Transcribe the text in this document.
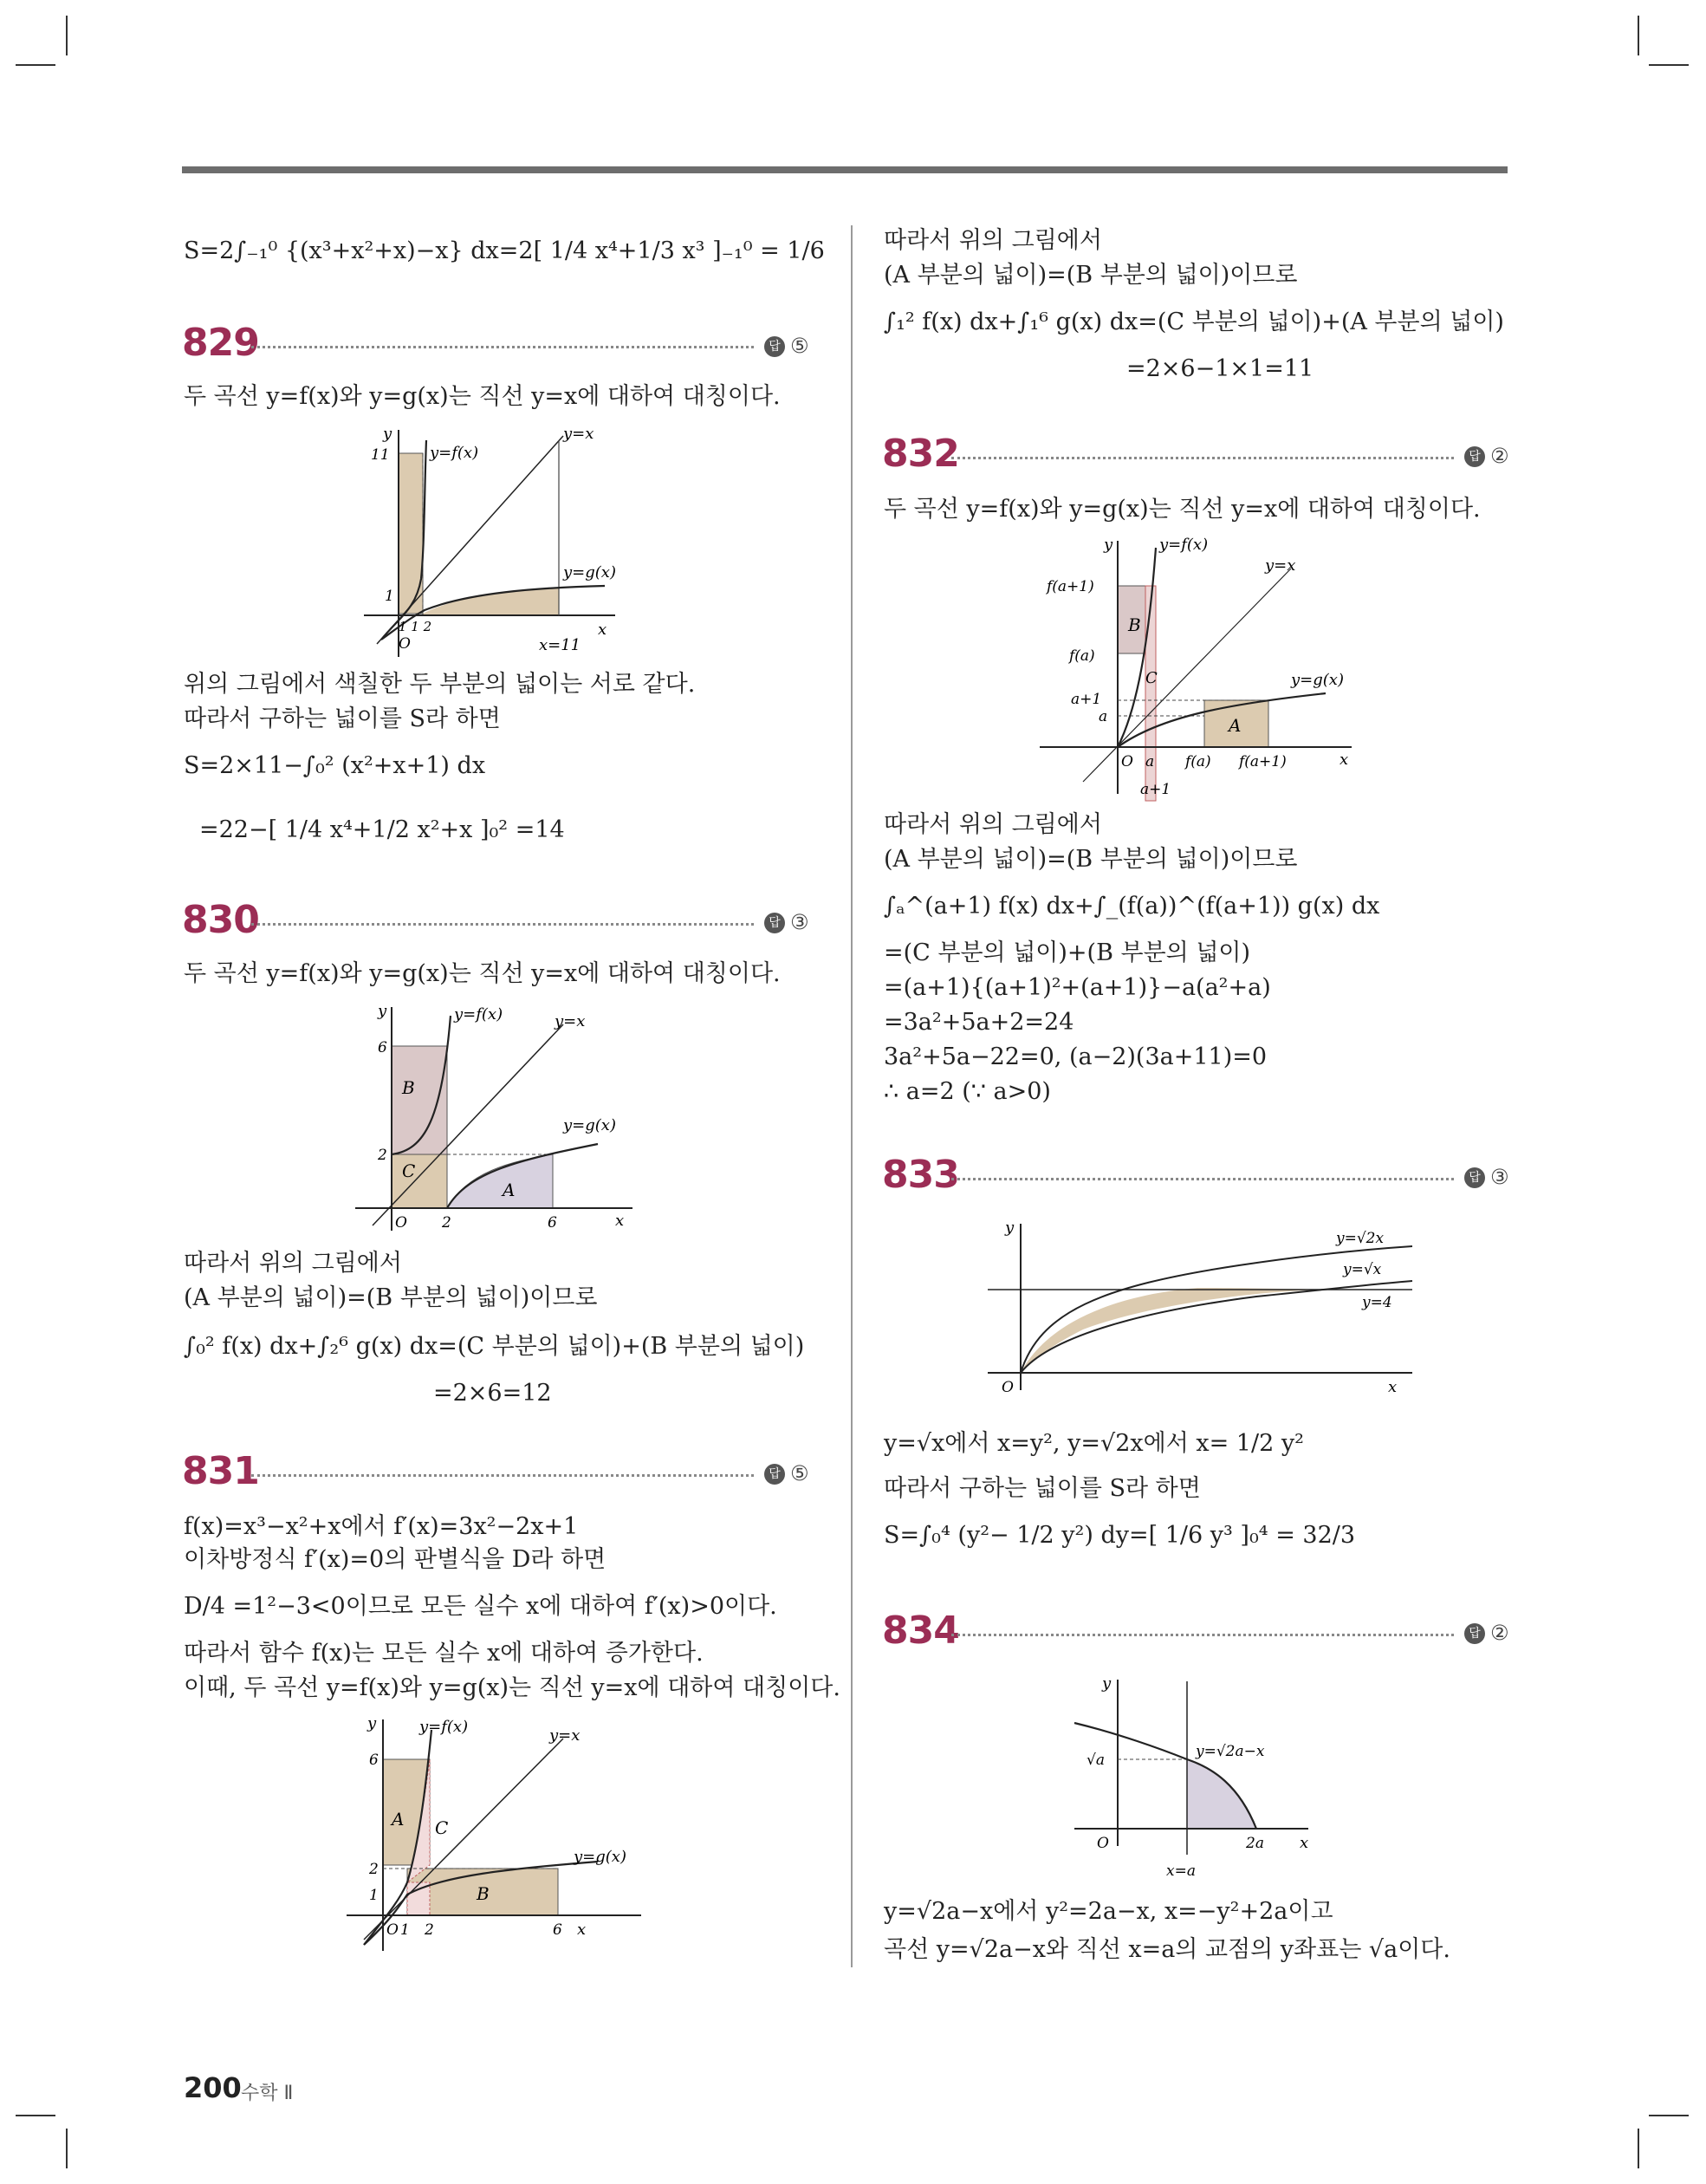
S=2∫₋₁⁰ {(x³+x²+x)−x} dx=2[ 1/4 x⁴+1/3 x³ ]₋₁⁰ = 1/6
829	답 ⑤
두 곡선 y=f(x)와 y=g(x)는 직선 y=x에 대하여 대칭이다.
y
x
y=f(x)
y=x
y=g(x)
11
1
1 1 2
O	x=11
위의 그림에서 색칠한 두 부분의 넓이는 서로 같다.
따라서 구하는 넓이를 S라 하면
S=2×11−∫₀² (x²+x+1) dx
=22−[ 1/4 x⁴+1/2 x²+x ]₀² =14
830	답 ③
두 곡선 y=f(x)와 y=g(x)는 직선 y=x에 대하여 대칭이다.
y
x
y=f(x)	y=x
y=g(x)
6
2
O 2	6
A
B
C
따라서 위의 그림에서
(A 부분의 넓이)=(B 부분의 넓이)이므로
∫₀² f(x) dx+∫₂⁶ g(x) dx=(C 부분의 넓이)+(B 부분의 넓이)
=2×6=12
831	답 ⑤
f(x)=x³−x²+x에서 f′(x)=3x²−2x+1
이차방정식 f′(x)=0의 판별식을 D라 하면
D/4 =1²−3<0이므로 모든 실수 x에 대하여 f′(x)>0이다.
따라서 함수 f(x)는 모든 실수 x에 대하여 증가한다.
이때, 두 곡선 y=f(x)와 y=g(x)는 직선 y=x에 대하여 대칭이다.
y
x
y=f(x)	y=x
y=g(x)
6
2
1
O 1 2	6
A
B
C
따라서 위의 그림에서
(A 부분의 넓이)=(B 부분의 넓이)이므로
∫₁² f(x) dx+∫₁⁶ g(x) dx=(C 부분의 넓이)+(A 부분의 넓이)
=2×6−1×1=11
832	답 ②
두 곡선 y=f(x)와 y=g(x)는 직선 y=x에 대하여 대칭이다.
y
x
y=f(x)
y=x
y=g(x)
f(a+1)
f(a)
a+1
a
O a f(a) f(a+1)
a+1
A
B
C
따라서 위의 그림에서
(A 부분의 넓이)=(B 부분의 넓이)이므로
∫ₐ^(a+1) f(x) dx+∫_(f(a))^(f(a+1)) g(x) dx
=(C 부분의 넓이)+(B 부분의 넓이)
=(a+1){(a+1)²+(a+1)}−a(a²+a)
=3a²+5a+2=24
3a²+5a−22=0, (a−2)(3a+11)=0
∴ a=2 (∵ a>0)
833	답 ③
y
x
O
y=√2x
y=√x
y=4
y=√x에서 x=y², y=√2x에서 x= 1/2 y²
따라서 구하는 넓이를 S라 하면
S=∫₀⁴ (y²− 1/2 y²) dy=[ 1/6 y³ ]₀⁴ = 32/3
834	답 ②
y
x
O
√a	y=√2a−x
2a
x=a
y=√2a−x에서 y²=2a−x, x=−y²+2a이고
곡선 y=√2a−x와 직선 x=a의 교점의 y좌표는 √a이다.
200 수학 Ⅱ
